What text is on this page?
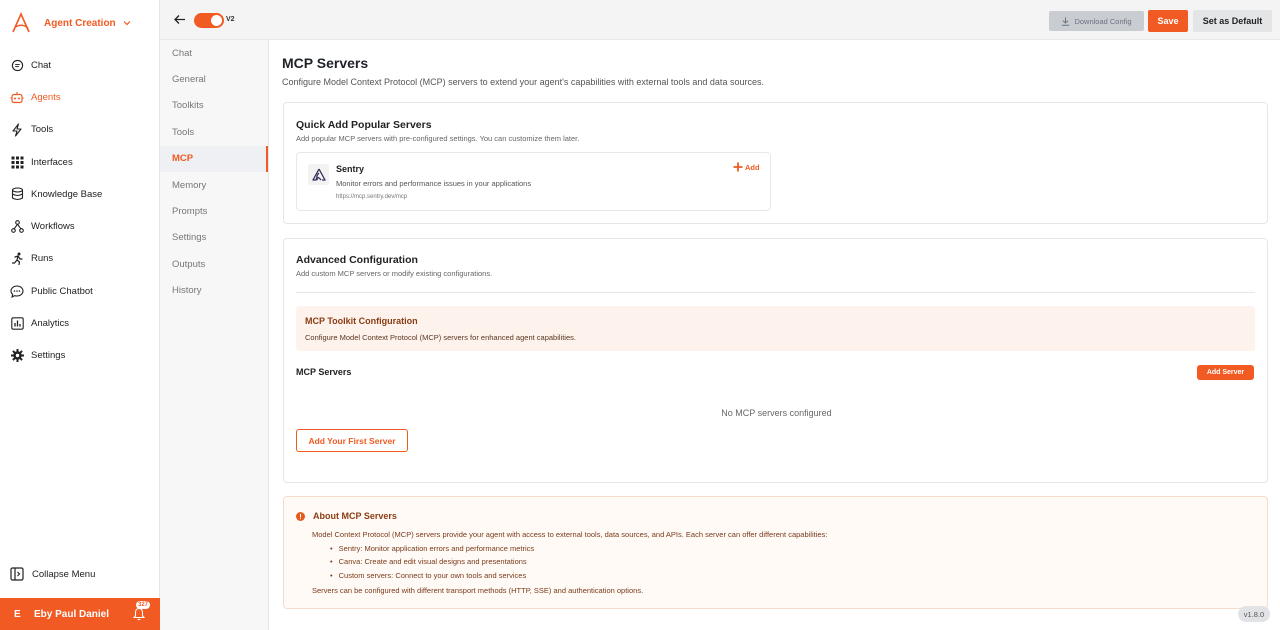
Agent Creation
Chat
Agents
Tools
Interfaces
Knowledge Base
Workflows
Runs
Public Chatbot
Analytics
Settings
Collapse Menu
E	Eby Paul Daniel
327
V2	Download Config	Save	Set as Default
Chat
General
Toolkits
Tools
MCP
Memory
Prompts
Settings
Outputs
History
MCP Servers

Configure Model Context Protocol (MCP) servers to extend your agent's capabilities with external tools and data sources.

Quick Add Popular Servers
Add popular MCP servers with pre-configured settings. You can customize them later.
Sentry
Monitor errors and performance issues in your applications
https://mcp.sentry.dev/mcp
Add
Advanced Configuration
Add custom MCP servers or modify existing configurations.
MCP Toolkit Configuration
Configure Model Context Protocol (MCP) servers for enhanced agent capabilities.
MCP Servers	Add Server
No MCP servers configured
Add Your First Server
About MCP Servers
Model Context Protocol (MCP) servers provide your agent with access to external tools, data sources, and APIs. Each server can offer different capabilities:
• Sentry: Monitor application errors and performance metrics
• Canva: Create and edit visual designs and presentations
• Custom servers: Connect to your own tools and services
Servers can be configured with different transport methods (HTTP, SSE) and authentication options.
v1.8.0
